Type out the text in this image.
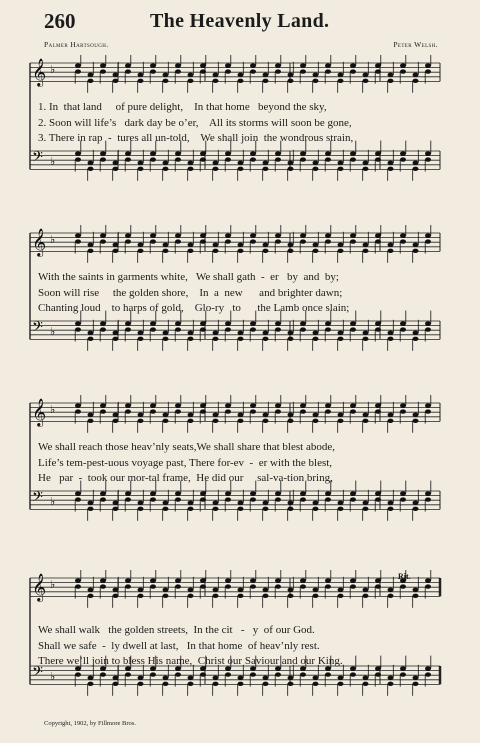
260	The Heavenly Land.
Palmer Hartsough.	Peter Welsh.
𝄞 ♭
𝄢 ♭
1. In  that land     of pure delight,    In that home   beyond the sky,
2. Soon will life’s   dark day be o’er,    All its storms will soon be gone,
3. There in rap  -  tures all un-told,    We shall join  the wondrous strain,
𝄞 ♭
𝄢 ♭
With the saints in garments white,   We shall gath  -  er   by  and  by;
Soon will rise     the golden shore,    In  a  new      and brighter dawn;
Chanting loud    to harps of gold,    Glo-ry   to      the Lamb once slain;
𝄞 ♭
𝄢 ♭
We shall reach those heav’nly seats,We shall share that blest abode,
Life’s tem-pest-uous voyage past, There for-ev  -  er with the blest,
He   par  -  took our mor-tal frame,  He did our     sal-va-tion bring,
𝄞 ♭
𝄢 ♭
Rit.
We shall walk   the golden streets,  In the cit   -   y  of our God.
Shall we safe  -  ly dwell at last,   In that home  of heav’nly rest.
There we’ll join to bless His name,  Christ our Saviour and our King.
Copyright, 1902, by Fillmore Bros.
